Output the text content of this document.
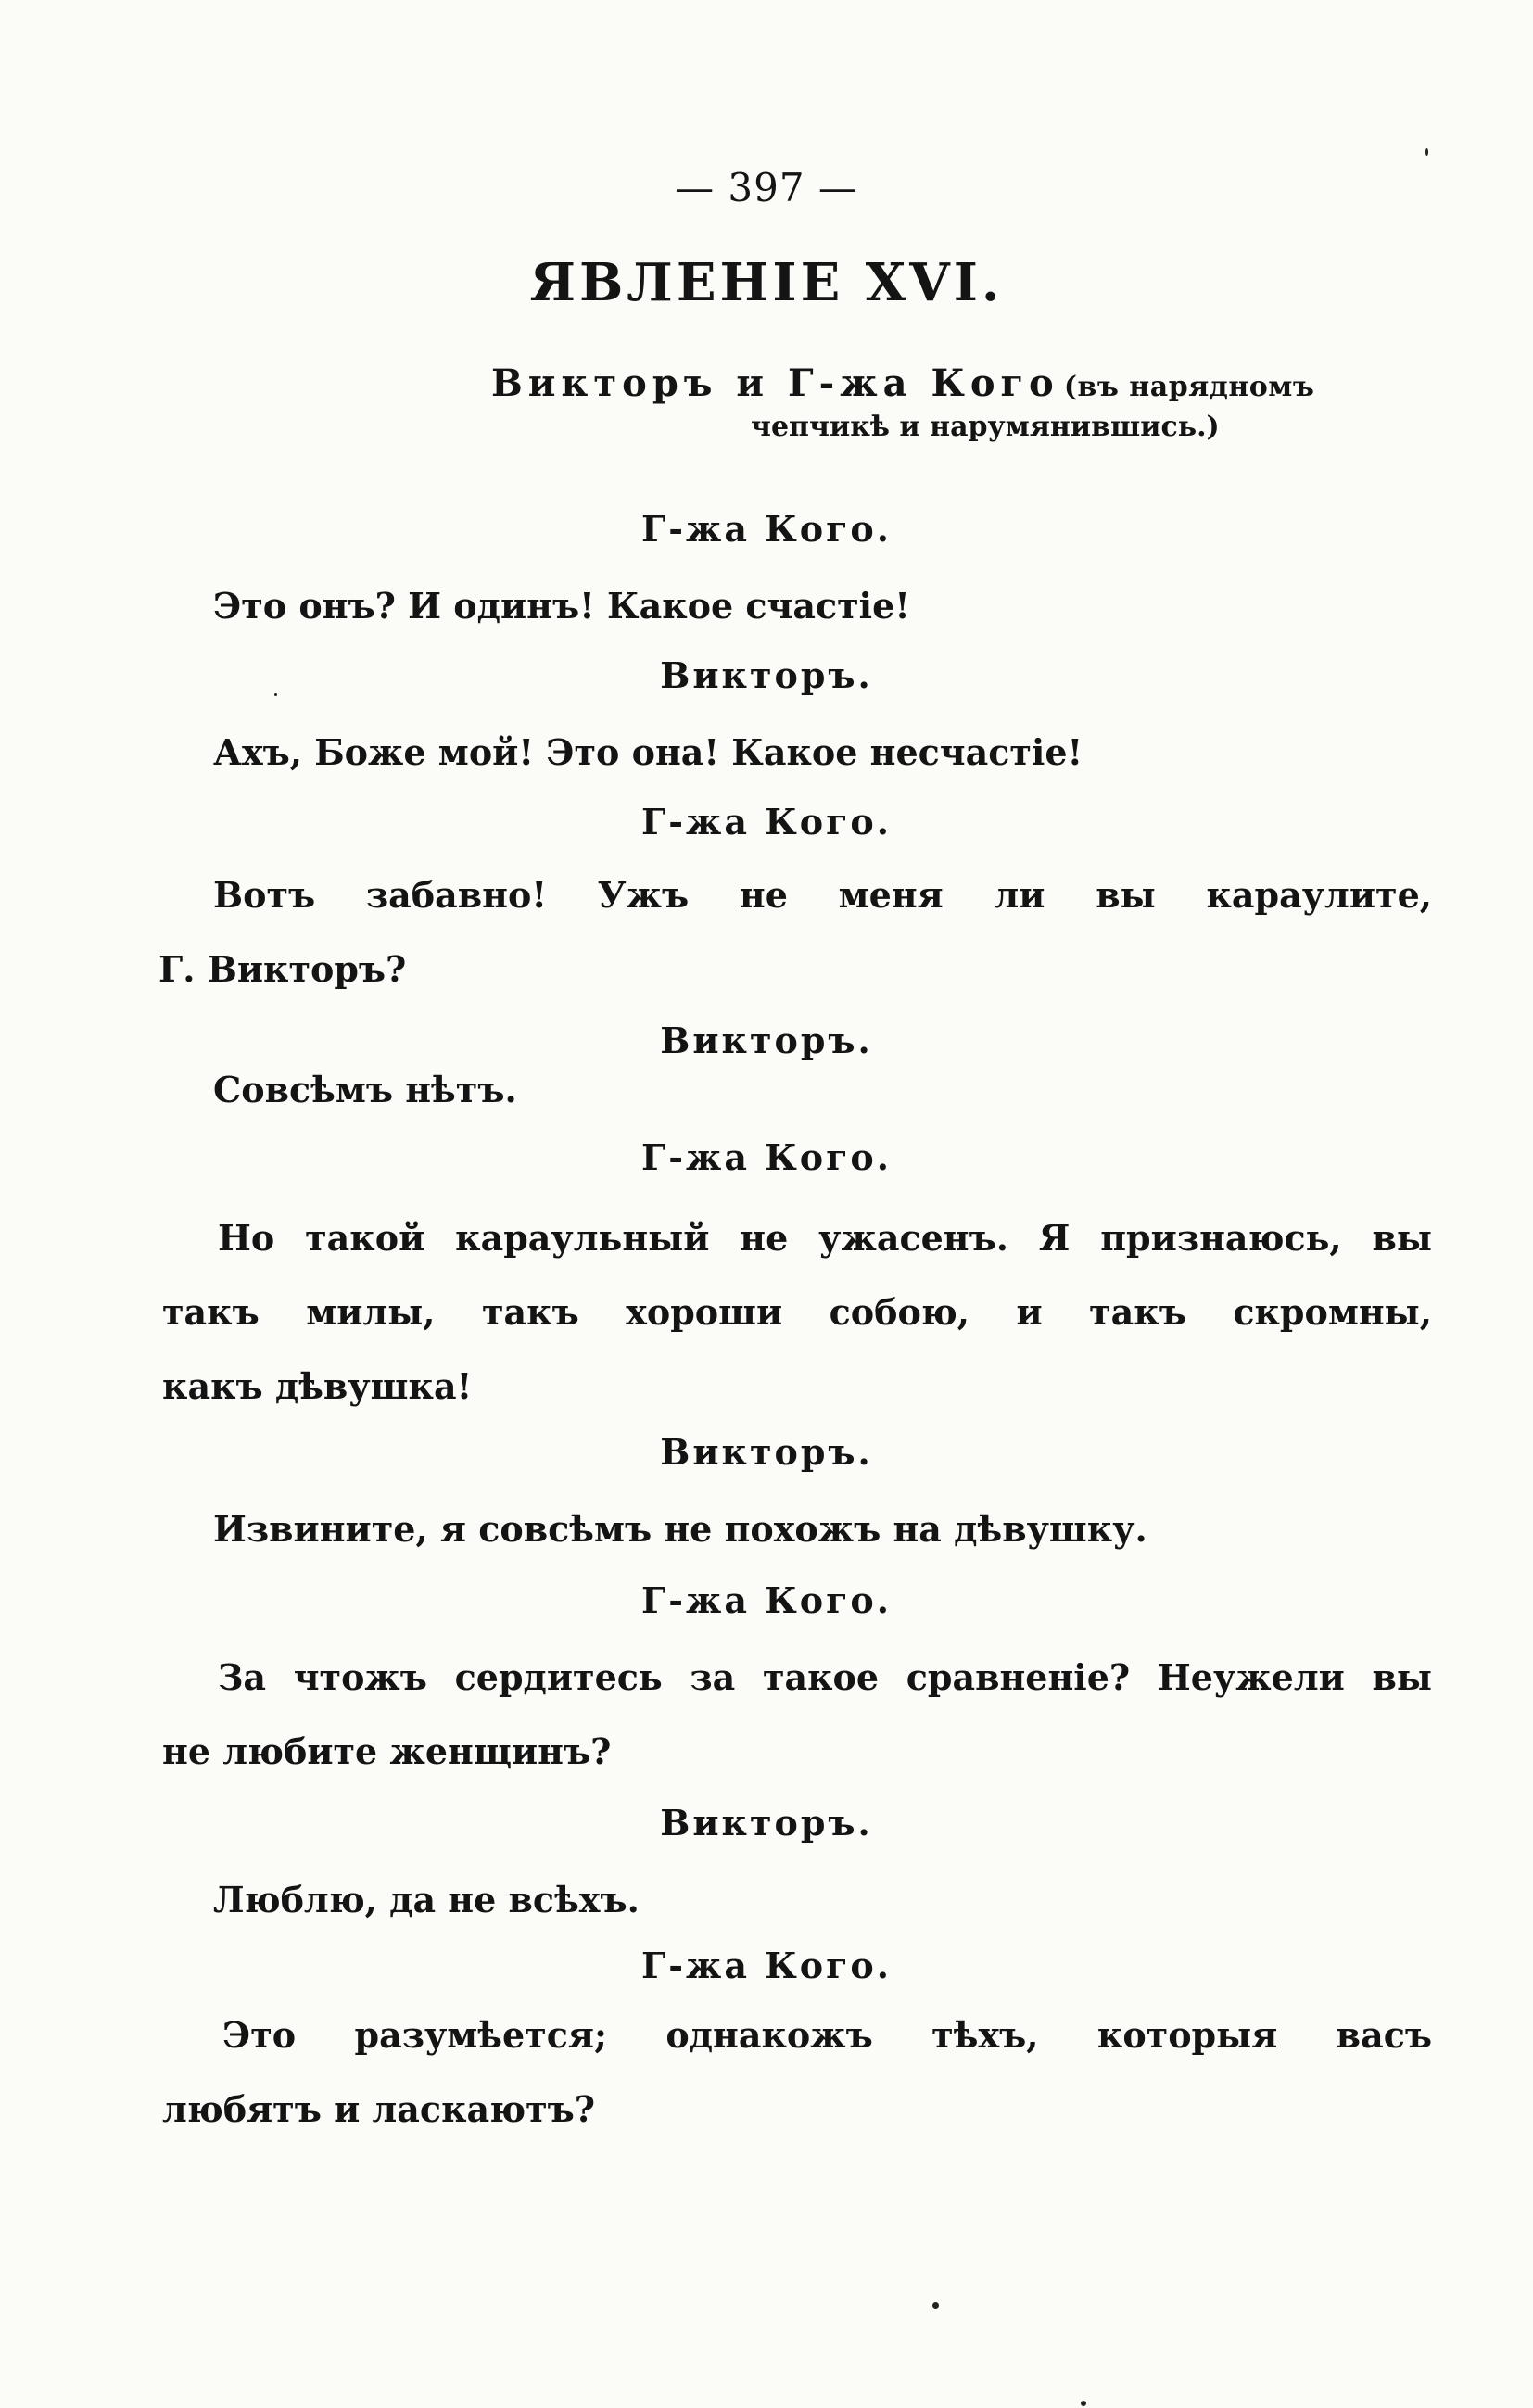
— 397 —
ЯВЛЕНІЕ XVI.
Викторъ и Г-жа Кого (въ нарядномъ
чепчикѣ и нарумянившись.)
Г-жа Кого.
Это онъ? И одинъ! Какое счастіе!
Викторъ.
Ахъ, Боже мой! Это она! Какое несчастіе!
Г-жа Кого.
Вотъ забавно! Ужъ не меня ли вы караулите,
Г. Викторъ?
Викторъ.
Совсѣмъ нѣтъ.
Г-жа Кого.
Но такой караульный не ужасенъ. Я признаюсь, вы
такъ милы, такъ хороши собою, и такъ скромны,
какъ дѣвушка!
Викторъ.
Извините, я совсѣмъ не похожъ на дѣвушку.
Г-жа Кого.
За чтожъ сердитесь за такое сравненіе? Неужели вы
не любите женщинъ?
Викторъ.
Люблю, да не всѣхъ.
Г-жа Кого.
Это разумѣется; однакожъ тѣхъ, которыя васъ
любятъ и ласкаютъ?
